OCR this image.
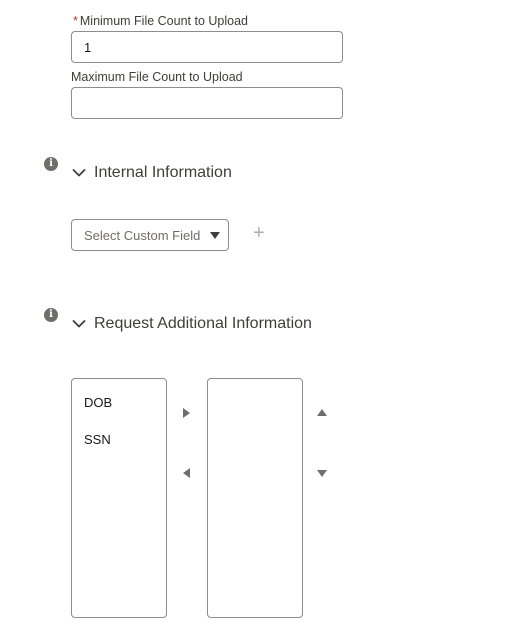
* Minimum File Count to Upload
1
Maximum File Count to Upload
i
Internal Information
Select Custom Field	+
i
Request Additional Information
DOB
SSN
